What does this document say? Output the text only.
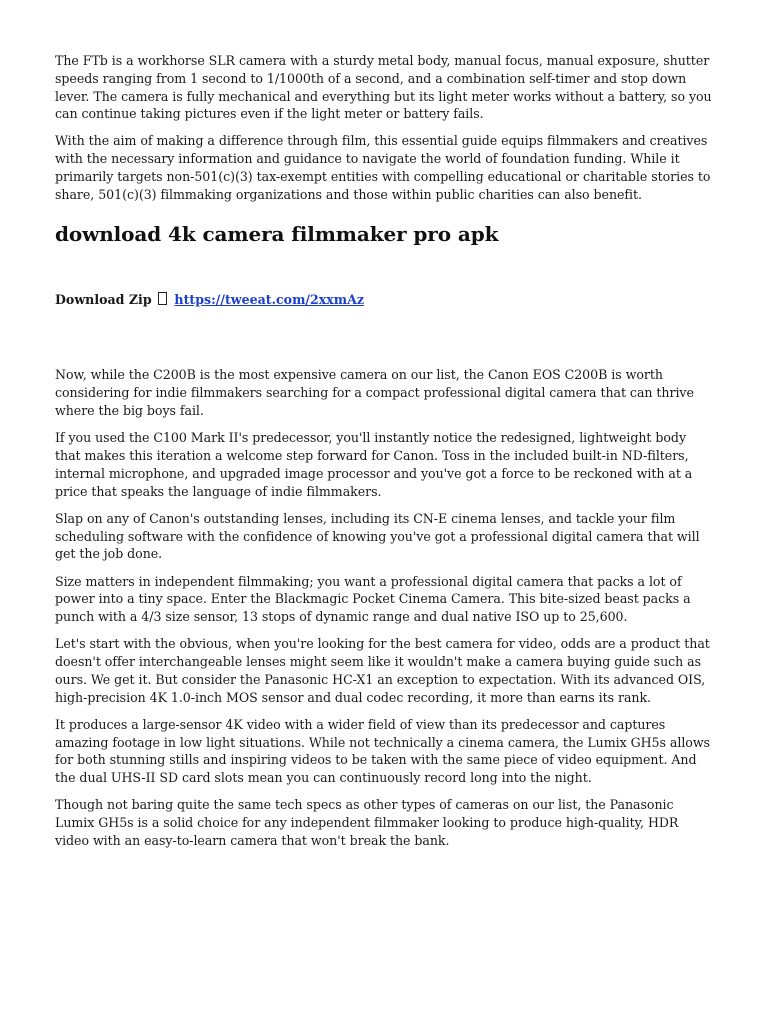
The FTb is a workhorse SLR camera with a sturdy metal body, manual focus, manual exposure, shutter speeds ranging from 1 second to 1/1000th of a second, and a combination self-timer and stop down lever. The camera is fully mechanical and everything but its light meter works without a battery, so you can continue taking pictures even if the light meter or battery fails.

With the aim of making a difference through film, this essential guide equips filmmakers and creatives with the necessary information and guidance to navigate the world of foundation funding. While it primarily targets non-501(c)(3) tax-exempt entities with compelling educational or charitable stories to share, 501(c)(3) filmmaking organizations and those within public charities can also benefit.

download 4k camera filmmaker pro apk
Download Zip https://tweeat.com/2xxmAz

Now, while the C200B is the most expensive camera on our list, the Canon EOS C200B is worth considering for indie filmmakers searching for a compact professional digital camera that can thrive where the big boys fail.

If you used the C100 Mark II's predecessor, you'll instantly notice the redesigned, lightweight body that makes this iteration a welcome step forward for Canon. Toss in the included built-in ND-filters, internal microphone, and upgraded image processor and you've got a force to be reckoned with at a price that speaks the language of indie filmmakers.

Slap on any of Canon's outstanding lenses, including its CN-E cinema lenses, and tackle your film scheduling software with the confidence of knowing you've got a professional digital camera that will get the job done.

Size matters in independent filmmaking; you want a professional digital camera that packs a lot of power into a tiny space. Enter the Blackmagic Pocket Cinema Camera. This bite-sized beast packs a punch with a 4/3 size sensor, 13 stops of dynamic range and dual native ISO up to 25,600.

Let's start with the obvious, when you're looking for the best camera for video, odds are a product that doesn't offer interchangeable lenses might seem like it wouldn't make a camera buying guide such as ours. We get it. But consider the Panasonic HC-X1 an exception to expectation. With its advanced OIS, high-precision 4K 1.0-inch MOS sensor and dual codec recording, it more than earns its rank.

It produces a large-sensor 4K video with a wider field of view than its predecessor and captures amazing footage in low light situations. While not technically a cinema camera, the Lumix GH5s allows for both stunning stills and inspiring videos to be taken with the same piece of video equipment. And the dual UHS-II SD card slots mean you can continuously record long into the night.

Though not baring quite the same tech specs as other types of cameras on our list, the Panasonic Lumix GH5s is a solid choice for any independent filmmaker looking to produce high-quality, HDR video with an easy-to-learn camera that won't break the bank.
